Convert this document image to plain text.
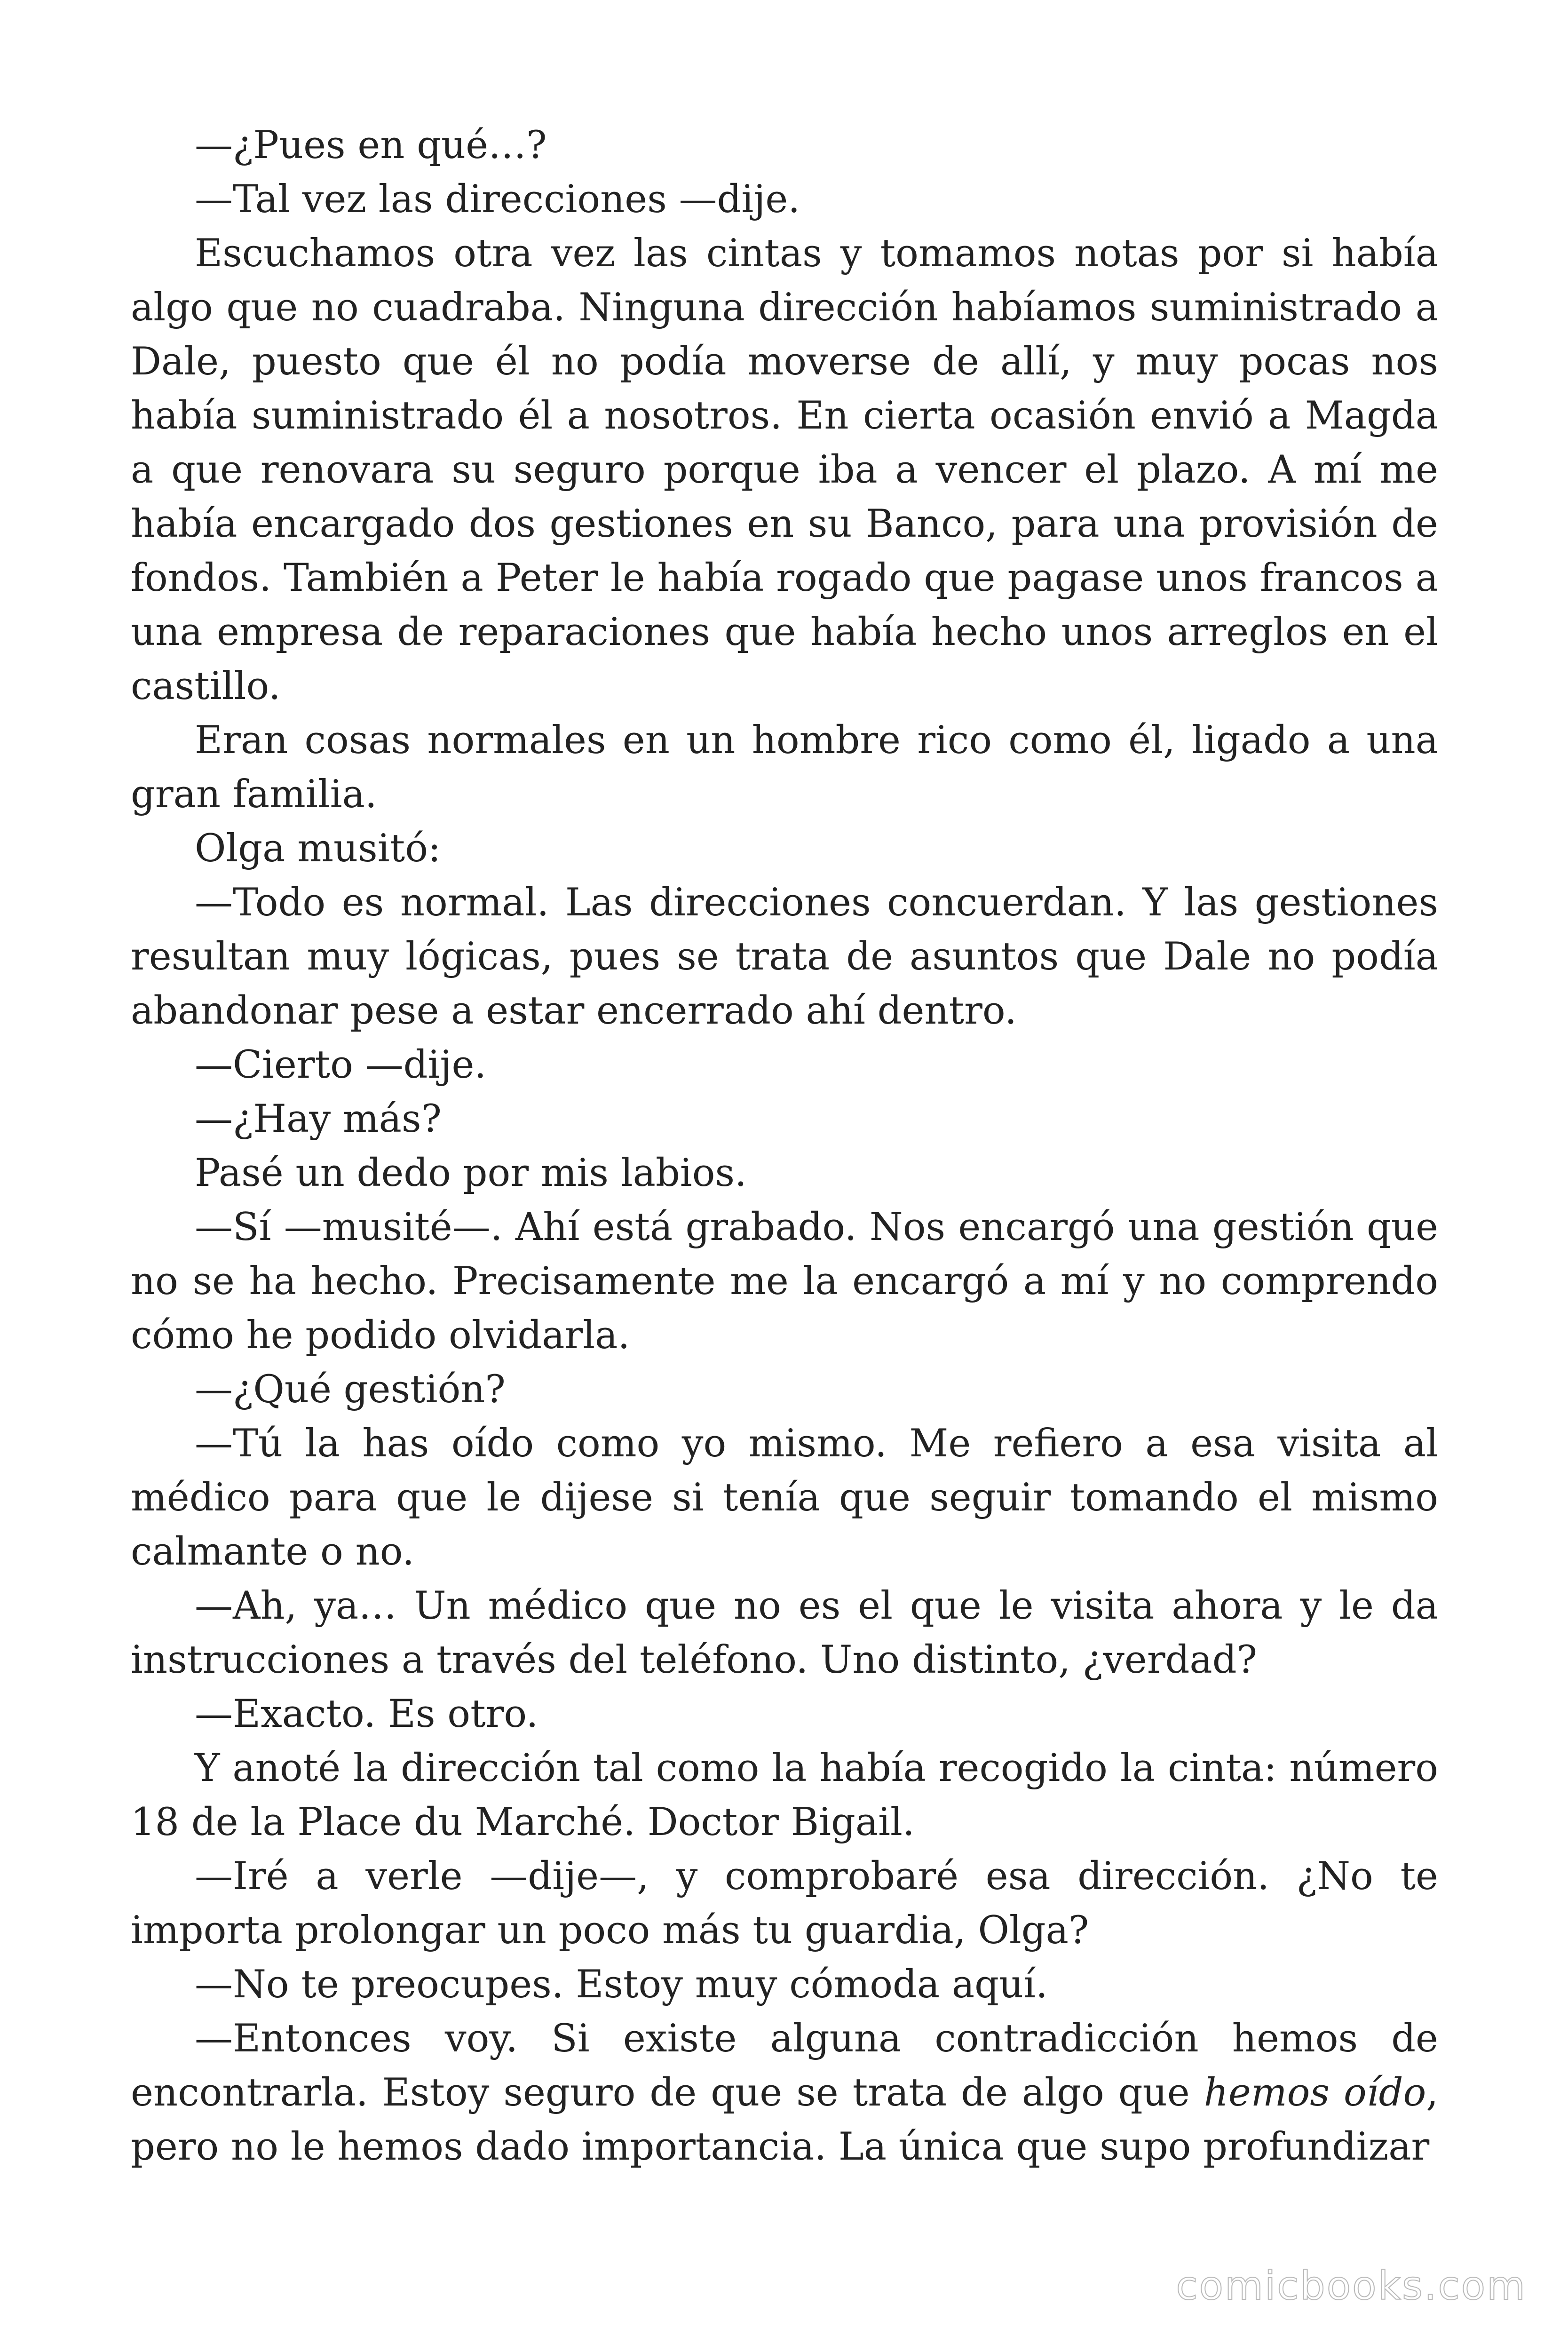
—¿Pues en qué…?

—Tal vez las direcciones —dije.

Escuchamos otra vez las cintas y tomamos notas por si había algo que no cuadraba. Ninguna dirección habíamos suministrado a Dale, puesto que él no podía moverse de allí, y muy pocas nos había suministrado él a nosotros. En cierta ocasión envió a Magda a que renovara su seguro porque iba a vencer el plazo. A mí me había encargado dos gestiones en su Banco, para una provisión de fondos. También a Peter le había rogado que pagase unos francos a una empresa de reparaciones que había hecho unos arreglos en el castillo.

Eran cosas normales en un hombre rico como él, ligado a una gran familia.

Olga musitó:

—Todo es normal. Las direcciones concuerdan. Y las gestiones resultan muy lógicas, pues se trata de asuntos que Dale no podía abandonar pese a estar encerrado ahí dentro.

—Cierto —dije.

—¿Hay más?

Pasé un dedo por mis labios.

—Sí —musité—. Ahí está grabado. Nos encargó una gestión que no se ha hecho. Precisamente me la encargó a mí y no comprendo cómo he podido olvidarla.

—¿Qué gestión?

—Tú la has oído como yo mismo. Me refiero a esa visita al médico para que le dijese si tenía que seguir tomando el mismo calmante o no.

—Ah, ya… Un médico que no es el que le visita ahora y le da instrucciones a través del teléfono. Uno distinto, ¿verdad?

—Exacto. Es otro.

Y anoté la dirección tal como la había recogido la cinta: número 18 de la Place du Marché. Doctor Bigail.

—Iré a verle —dije—, y comprobaré esa dirección. ¿No te importa prolongar un poco más tu guardia, Olga?

—No te preocupes. Estoy muy cómoda aquí.

—Entonces voy. Si existe alguna contradicción hemos de encontrarla. Estoy seguro de que se trata de algo que hemos oído, pero no le hemos dado importancia. La única que supo profundizar

comicbooks.com
